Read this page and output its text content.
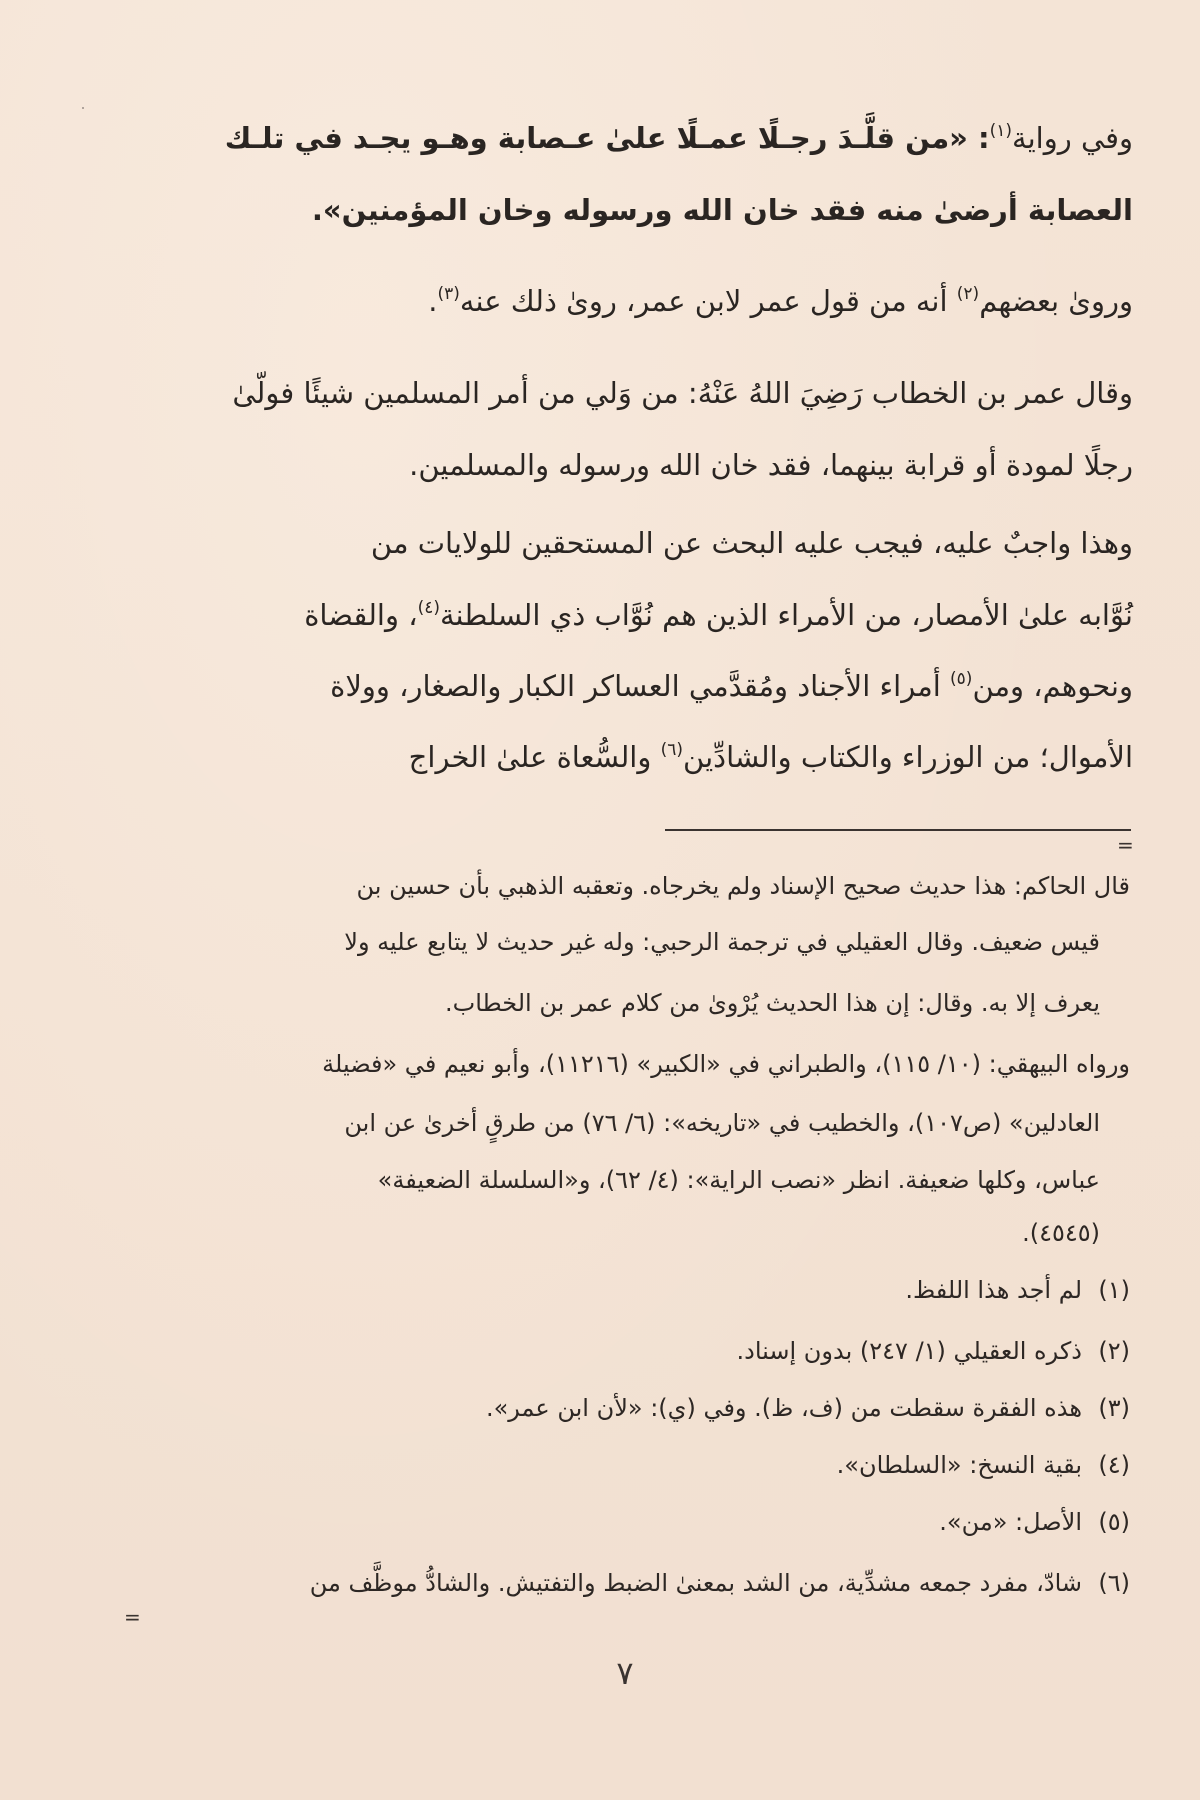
وفي رواية$^{(١)}$: «من قلَّـدَ رجـلًا عمـلًا علىٰ عـصابة وهـو يجـد في تلـك
العصابة أرضىٰ منه فقد خان الله ورسوله وخان المؤمنين».
وروىٰ بعضهم$^{(٢)}$ أنه من قول عمر لابن عمر، روىٰ ذلك عنه$^{(٣)}$.
وقال عمر بن الخطاب رَضِيَ اللهُ عَنْهُ: من وَلي من أمر المسلمين شيئًا فولّىٰ
رجلًا لمودة أو قرابة بينهما، فقد خان الله ورسوله والمسلمين.
وهذا واجبٌ عليه، فيجب عليه البحث عن المستحقين للولايات من
نُوَّابه علىٰ الأمصار، من الأمراء الذين هم نُوَّاب ذي السلطنة$^{(٤)}$، والقضاة
ونحوهم، ومن$^{(٥)}$ أمراء الأجناد ومُقدَّمي العساكر الكبار والصغار، وولاة
الأموال؛ من الوزراء والكتاب والشادِّين$^{(٦)}$ والسُّعاة علىٰ الخراج
=
قال الحاكم: هذا حديث صحيح الإسناد ولم يخرجاه. وتعقبه الذهبي بأن حسين بن
قيس ضعيف. وقال العقيلي في ترجمة الرحبي: وله غير حديث لا يتابع عليه ولا
يعرف إلا به. وقال: إن هذا الحديث يُرْوىٰ من كلام عمر بن الخطاب.
ورواه البيهقي: (١٠/ ١١٥)، والطبراني في «الكبير» (١١٢١٦)، وأبو نعيم في «فضيلة
العادلين» (ص١٠٧)، والخطيب في «تاريخه»: (٦/ ٧٦) من طرقٍ أخرىٰ عن ابن
عباس، وكلها ضعيفة. انظر «نصب الراية»: (٤/ ٦٢)، و«السلسلة الضعيفة»
(٤٥٤٥).
(١)لم أجد هذا اللفظ.
(٢)ذكره العقيلي (١/ ٢٤٧) بدون إسناد.
(٣)هذه الفقرة سقطت من (ف، ظ). وفي (ي): «لأن ابن عمر».
(٤)بقية النسخ: «السلطان».
(٥)الأصل: «من».
(٦)شادّ، مفرد جمعه مشدِّية، من الشد بمعنىٰ الضبط والتفتيش. والشادُّ موظَّف من
=
٧
